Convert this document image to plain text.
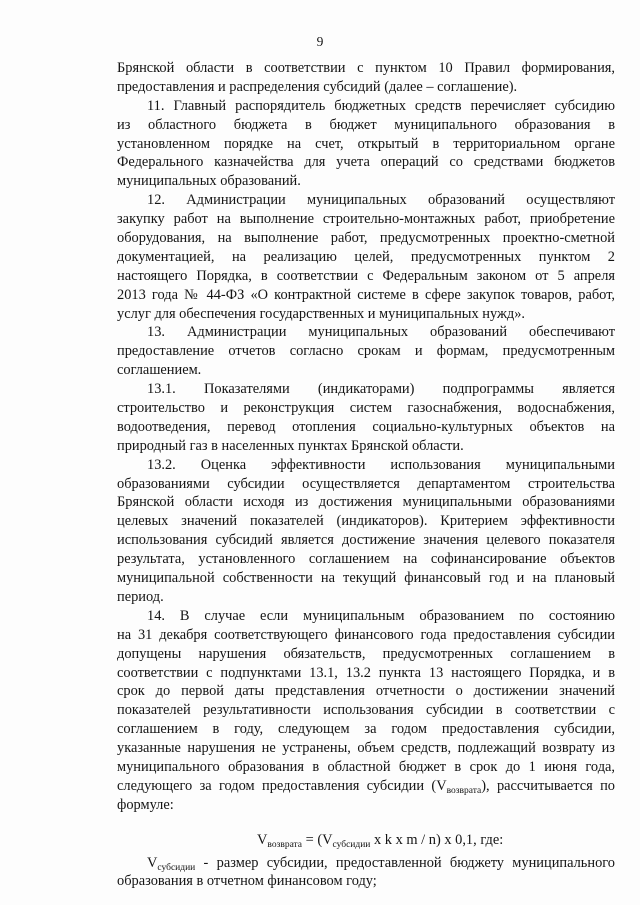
9
Брянской области в соответствии с пунктом 10 Правил формирования,
предоставления и распределения субсидий (далее – соглашение).
11. Главный распорядитель бюджетных средств перечисляет субсидию
из областного бюджета в бюджет муниципального образования в
установленном порядке на счет, открытый в территориальном органе
Федерального казначейства для учета операций со средствами бюджетов
муниципальных образований.
12. Администрации муниципальных образований осуществляют
закупку работ на выполнение строительно-монтажных работ, приобретение
оборудования, на выполнение работ, предусмотренных проектно-сметной
документацией, на реализацию целей, предусмотренных пунктом 2
настоящего Порядка, в соответствии с Федеральным законом от 5 апреля
2013 года № 44-ФЗ «О контрактной системе в сфере закупок товаров, работ,
услуг для обеспечения государственных и муниципальных нужд».
13. Администрации муниципальных образований обеспечивают
предоставление отчетов согласно срокам и формам, предусмотренным
соглашением.
13.1. Показателями (индикаторами) подпрограммы является
строительство и реконструкция систем газоснабжения, водоснабжения,
водоотведения, перевод отопления социально-культурных объектов на
природный газ в населенных пунктах Брянской области.
13.2. Оценка эффективности использования муниципальными
образованиями субсидии осуществляется департаментом строительства
Брянской области исходя из достижения муниципальными образованиями
целевых значений показателей (индикаторов). Критерием эффективности
использования субсидий является достижение значения целевого показателя
результата, установленного соглашением на софинансирование объектов
муниципальной собственности на текущий финансовый год и на плановый
период.
14. В случае если муниципальным образованием по состоянию
на 31 декабря соответствующего финансового года предоставления субсидии
допущены нарушения обязательств, предусмотренных соглашением в
соответствии с подпунктами 13.1, 13.2 пункта 13 настоящего Порядка, и в
срок до первой даты представления отчетности о достижении значений
показателей результативности использования субсидии в соответствии с
соглашением в году, следующем за годом предоставления субсидии,
указанные нарушения не устранены, объем средств, подлежащий возврату из
муниципального образования в областной бюджет в срок до 1 июня года,
следующего за годом предоставления субсидии $(V_{возврата})$, рассчитывается по
формуле:
$V_{возврата} = (V_{субсидии}$ x k x m / n) x 0,1, где:
$V_{субсидии}$ - размер субсидии, предоставленной бюджету муниципального
образования в отчетном финансовом году;
